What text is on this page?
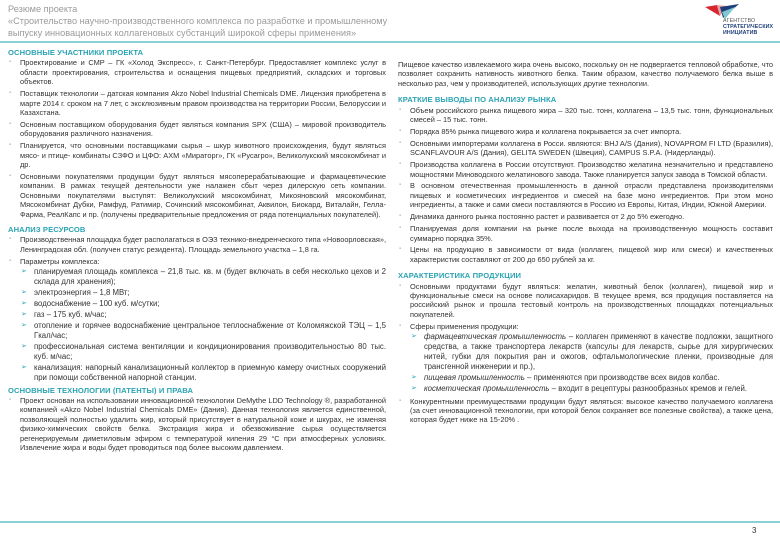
Резюме проекта
«Строительство научно-производственного комплекса по разработке и промышленному
выпуску инновационных коллагеновых субстанций широкой сферы применения»
АГЕНТСТВО
СТРАТЕГИЧЕСКИХ
ИНИЦИАТИВ
ОСНОВНЫЕ УЧАСТНИКИ ПРОЕКТА
▪ Проектирование и СМР – ГК «Холод Экспресс», г. Санкт-Петербург. Предоставляет комплекс услуг в области проектирования, строительства и оснащения пищевых предприятий, складских и торговых объектов.
▪ Поставщик технологии – датская компания Akzo Nobel Industrial Chemicals DME. Лицензия приобретена в марте 2014 г. сроком на 7 лет, с эксклюзивным правом производства на территории России, Белоруссии и Казахстана.
▪ Основным поставщиком оборудования будет являться компания SPX (США) – мировой производитель оборудования различного назначения.
▪ Планируется, что основными поставщиками сырья – шкур животного происхождения, будут являться мясо- и птице- комбинаты СЗФО и ЦФО: АХМ «Мираторг», ГК «Русагро», Великолукский мясокомбинат и др.
▪ Основными покупателями продукции будут являться мясоперерабатывающие и фармацевтические компании. В рамках текущей деятельности уже налажен сбыт через дилерскую сеть компании. Основными покупателями выступят: Великолукский мясокомбинат, Микояновский мясокомбинат, Мясокомбинат Дубки, Рамфуд, Ратимир, Сочинский мясокомбинат, Аквилон, Биокард, Виталайн, Гелла-Фарма, РеалКапс и пр. (получены предварительные предложения от ряда потенциальных покупателей).
АНАЛИЗ РЕСУРСОВ
▪ Производственная площадка будет располагаться в ОЭЗ технико-внедренческого типа «Новоорловская», Ленинградская обл. (получен статус резидента). Площадь земельного участка – 1,8 га.
▪ Параметры комплекса:
➢ планируемая площадь комплекса – 21,8 тыс. кв. м (будет включать в себя несколько цехов и 2 склада для хранения);
➢ электроэнергия – 1,8 МВт;
➢ водоснабжение – 100 куб. м/сутки;
➢ газ – 175 куб. м/час;
➢ отопление и горячее водоснабжение центральное теплоснабжение от Коломяжской ТЭЦ – 1,5 Гкал/час;
➢ профессиональная система вентиляции и кондиционирования производительностью 80 тыс. куб. м/час;
➢ канализация: напорный канализационный коллектор в приемную камеру очистных сооружений при помощи собственной напорной станции.
ОСНОВНЫЕ ТЕХНОЛОГИИ (ПАТЕНТЫ) И ПРАВА
▪ Проект основан на использовании инновационной технологии DeMythe LDD Technology ®, разработанной компанией «Akzo Nobel Industrial Chemicals DME» (Дания). Данная технология является единственной, позволяющей полностью удалить жир, который присутствует в натуральной коже и шкурах, не изменяя физико-химических свойств белка. Экстракция жира и обезвоживание сырья осуществляется регенерируемым диметиловым эфиром с температурой кипения 29 °С при атмосферных условиях. Извлечение жира и воды будет проводиться под более высоким давлением.
Пищевое качество извлекаемого жира очень высоко, поскольку он не подвергается тепловой обработке, что позволяет сохранить нативность животного белка. Таким образом, качество получаемого белка выше в несколько раз, чем у производителей, использующих другие технологии.
КРАТКИЕ ВЫВОДЫ ПО АНАЛИЗУ РЫНКА
▪ Объем российского рынка пищевого жира – 320 тыс. тонн, коллагена – 13,5 тыс. тонн, функциональных смесей – 15 тыс. тонн.
▪ Порядка 85% рынка пищевого жира и коллагена покрывается за счет импорта.
▪ Основными импортерами коллагена в Росси. являются: BHJ A/S (Дания), NOVAPROM FI LTD (Бразилия), SCANFLAVOUR A/S (Дания), GELITA SWEDEN (Швеция), CAMPUS S.P.A. (Нидерланды).
▪ Производства коллагена в России отсутствуют. Производство желатина незначительно и представлено мощностями Миноводского желатинового завода. Также планируется запуск завода в Томской области.
▪ В основном отечественная промышленность в данной отрасли представлена производителями пищевых и косметических ингредиентов и смесей на базе моно ингредиентов. При этом моно ингредиенты, а также и сами смеси поставляются в Россию из Европы, Китая, Индии, Южной Америки.
▪ Динамика данного рынка постоянно растет и развивается от 2 до 5% ежегодно.
▪ Планируемая доля компании на рынке после выхода на производственную мощность составит суммарно порядка 35%.
▪ Цены на продукцию в зависимости от вида (коллаген, пищевой жир или смеси) и качественных характеристик составляют от 200 до 650 рублей за кг.
ХАРАКТЕРИСТИКА ПРОДУКЦИИ
▪ Основными продуктами будут являться: желатин, животный белок (коллаген), пищевой жир и функциональные смеси на основе полисахаридов. В текущее время, вся продукция поставляется на российский рынок и прошла тестовый контроль на производственных площадках потенциальных покупателей.
▪ Сферы применения продукции:
➢ фармацевтическая промышленность – коллаген применяют в качестве подложки, защитного средства, а также транспортера лекарств (капсулы для лекарств, сырье для хирургических нитей, губки для покрытия ран и ожогов, офтальмологические пленки, производные для трансгенной инженерии и пр.),
➢ пищевая промышленность – применяются при производстве всех видов колбас.
➢ косметическая промышленность – входит в рецептуры разнообразных кремов и гелей.
▪ Конкурентными преимуществами продукции будут являться: высокое качество получаемого коллагена (за счет инновационной технологии, при которой белок сохраняет все полезные свойства), а также цена, которая будет ниже на 15-20% .
3
